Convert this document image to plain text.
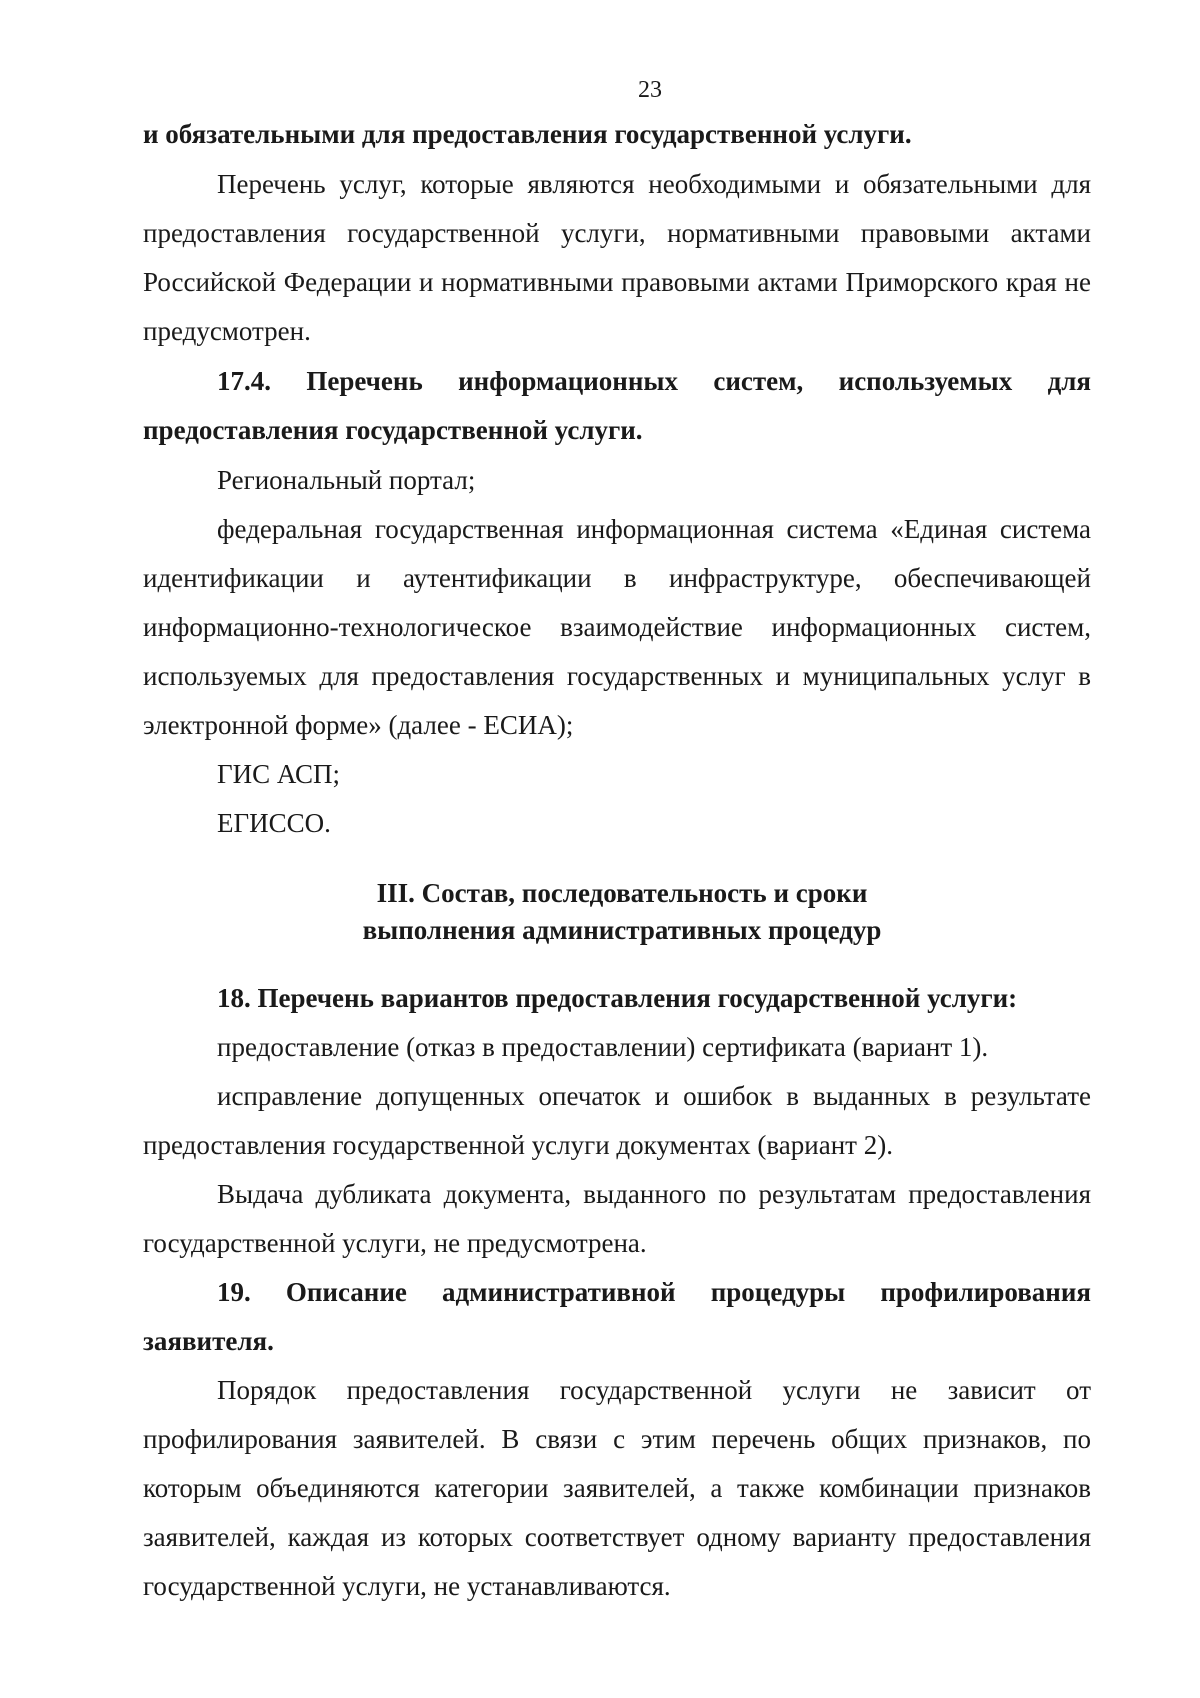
23

и обязательными для предоставления государственной услуги.

Перечень услуг, которые являются необходимыми и обязательными для предоставления государственной услуги, нормативными правовыми актами Российской Федерации и нормативными правовыми актами Приморского края не предусмотрен.

17.4. Перечень информационных систем, используемых для предоставления государственной услуги.

Региональный портал;

федеральная государственная информационная система «Единая система идентификации и аутентификации в инфраструктуре, обеспечивающей информационно-технологическое взаимодействие информационных систем, используемых для предоставления государственных и муниципальных услуг в электронной форме» (далее - ЕСИА);

ГИС АСП;

ЕГИССО.

III. Состав, последовательность и сроки

выполнения административных процедур

18. Перечень вариантов предоставления государственной услуги:

предоставление (отказ в предоставлении) сертификата (вариант 1).

исправление допущенных опечаток и ошибок в выданных в результате предоставления государственной услуги документах (вариант 2).

Выдача дубликата документа, выданного по результатам предоставления государственной услуги, не предусмотрена.

19. Описание административной процедуры профилирования заявителя.

Порядок предоставления государственной услуги не зависит от профилирования заявителей. В связи с этим перечень общих признаков, по которым объединяются категории заявителей, а также комбинации признаков заявителей, каждая из которых соответствует одному варианту предоставления государственной услуги, не устанавливаются.
